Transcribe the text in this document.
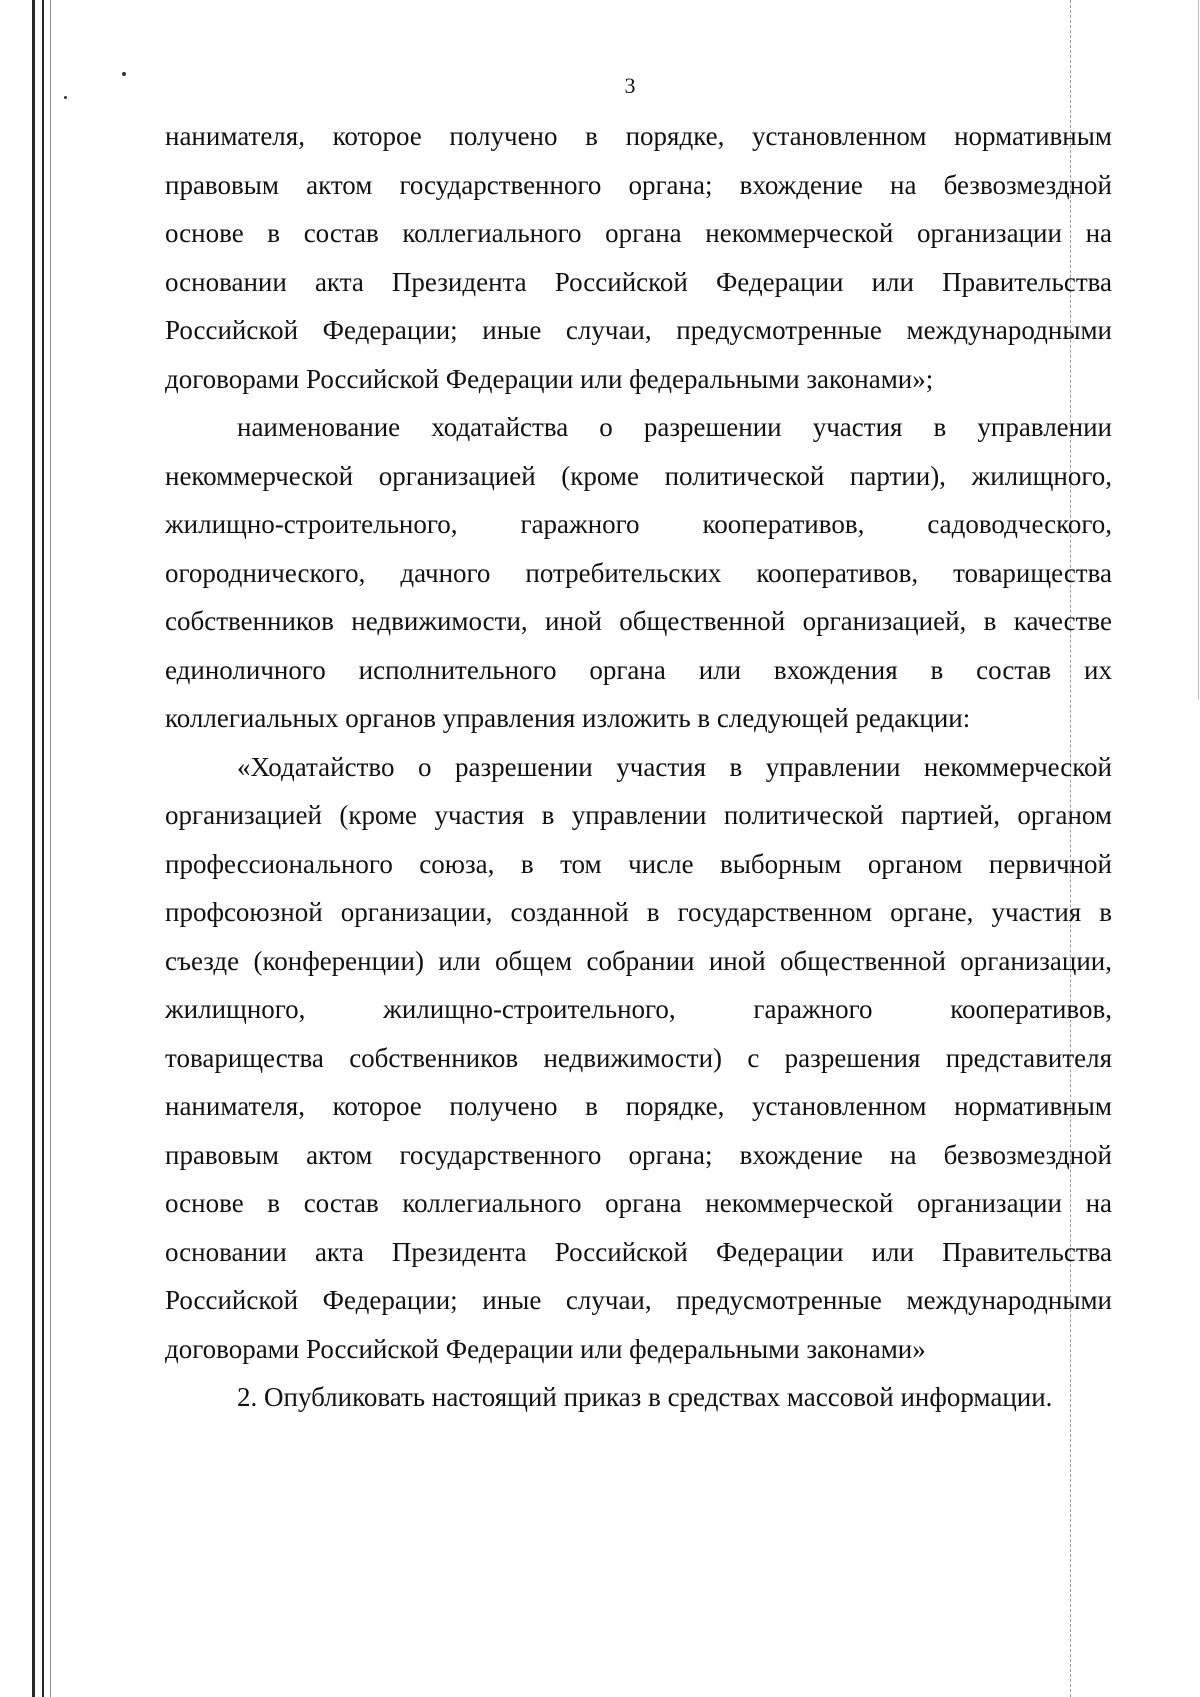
3
нанимателя, которое получено в порядке, установленном нормативным
правовым актом государственного органа; вхождение на безвозмездной
основе в состав коллегиального органа некоммерческой организации на
основании акта Президента Российской Федерации или Правительства
Российской Федерации; иные случаи, предусмотренные международными
договорами Российской Федерации или федеральными законами»;
наименование ходатайства о разрешении участия в управлении
некоммерческой организацией (кроме политической партии), жилищного,
жилищно-строительного, гаражного кооперативов, садоводческого,
огороднического, дачного потребительских кооперативов, товарищества
собственников недвижимости, иной общественной организацией, в качестве
единоличного исполнительного органа или вхождения в состав их
коллегиальных органов управления изложить в следующей редакции:
«Ходатайство о разрешении участия в управлении некоммерческой
организацией (кроме участия в управлении политической партией, органом
профессионального союза, в том числе выборным органом первичной
профсоюзной организации, созданной в государственном органе, участия в
съезде (конференции) или общем собрании иной общественной организации,
жилищного, жилищно-строительного, гаражного кооперативов,
товарищества собственников недвижимости) с разрешения представителя
нанимателя, которое получено в порядке, установленном нормативным
правовым актом государственного органа; вхождение на безвозмездной
основе в состав коллегиального органа некоммерческой организации на
основании акта Президента Российской Федерации или Правительства
Российской Федерации; иные случаи, предусмотренные международными
договорами Российской Федерации или федеральными законами»
2. Опубликовать настоящий приказ в средствах массовой информации.
